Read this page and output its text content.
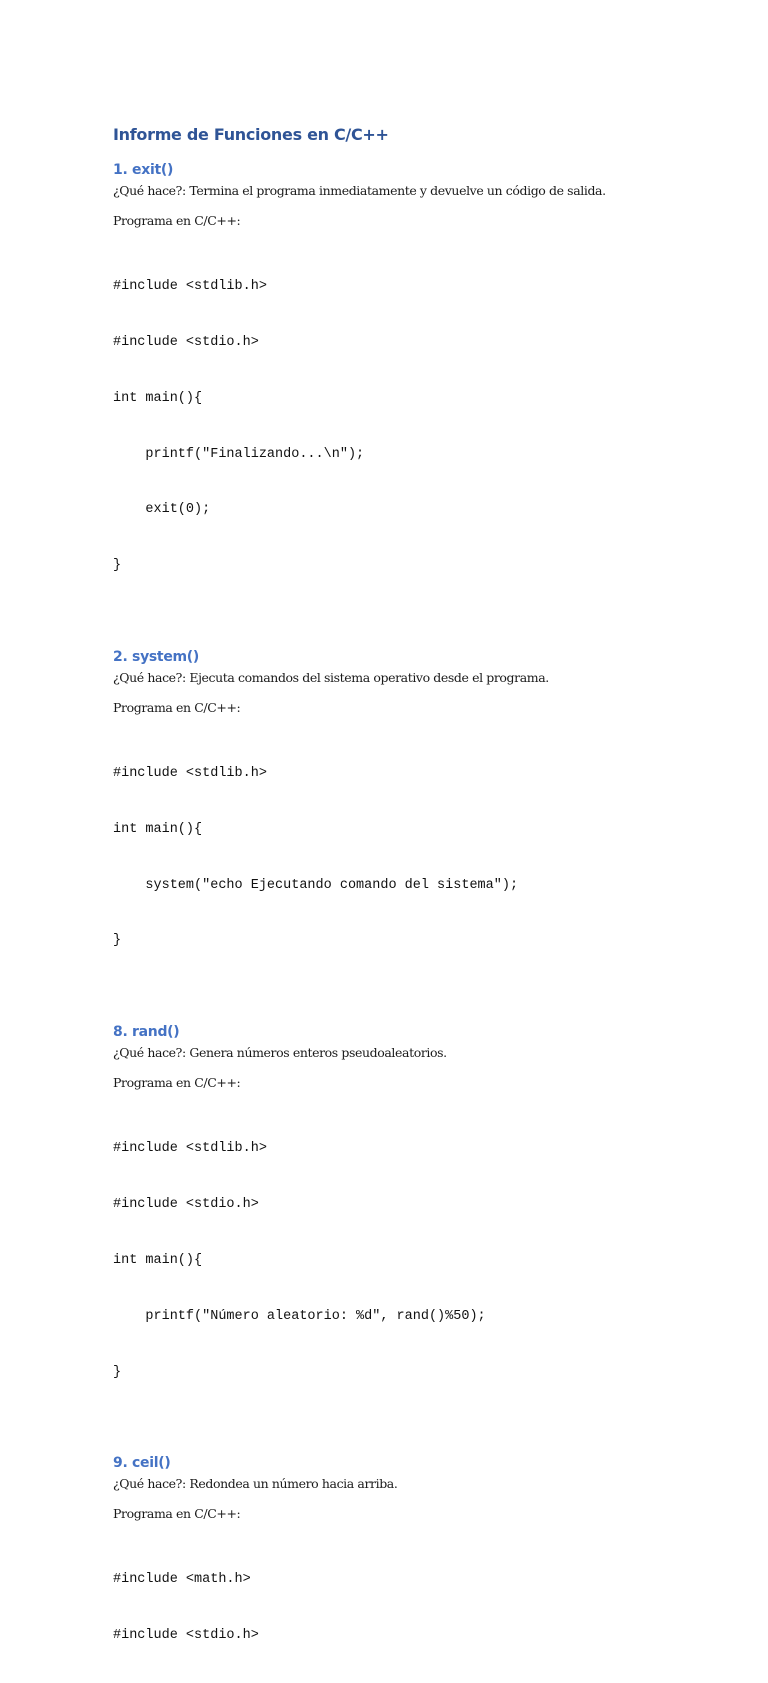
Informe de Funciones en C/C++
1. exit()
¿Qué hace?: Termina el programa inmediatamente y devuelve un código de salida.
Programa en C/C++:

#include <stdlib.h>

#include <stdio.h>

int main(){

printf("Finalizando...\n");

exit(0);

}

2. system()
¿Qué hace?: Ejecuta comandos del sistema operativo desde el programa.
Programa en C/C++:

#include <stdlib.h>

int main(){

system("echo Ejecutando comando del sistema");

}

8. rand()
¿Qué hace?: Genera números enteros pseudoaleatorios.
Programa en C/C++:

#include <stdlib.h>

#include <stdio.h>

int main(){

printf("Número aleatorio: %d", rand()%50);

}

9. ceil()
¿Qué hace?: Redondea un número hacia arriba.
Programa en C/C++:

#include <math.h>

#include <stdio.h>
